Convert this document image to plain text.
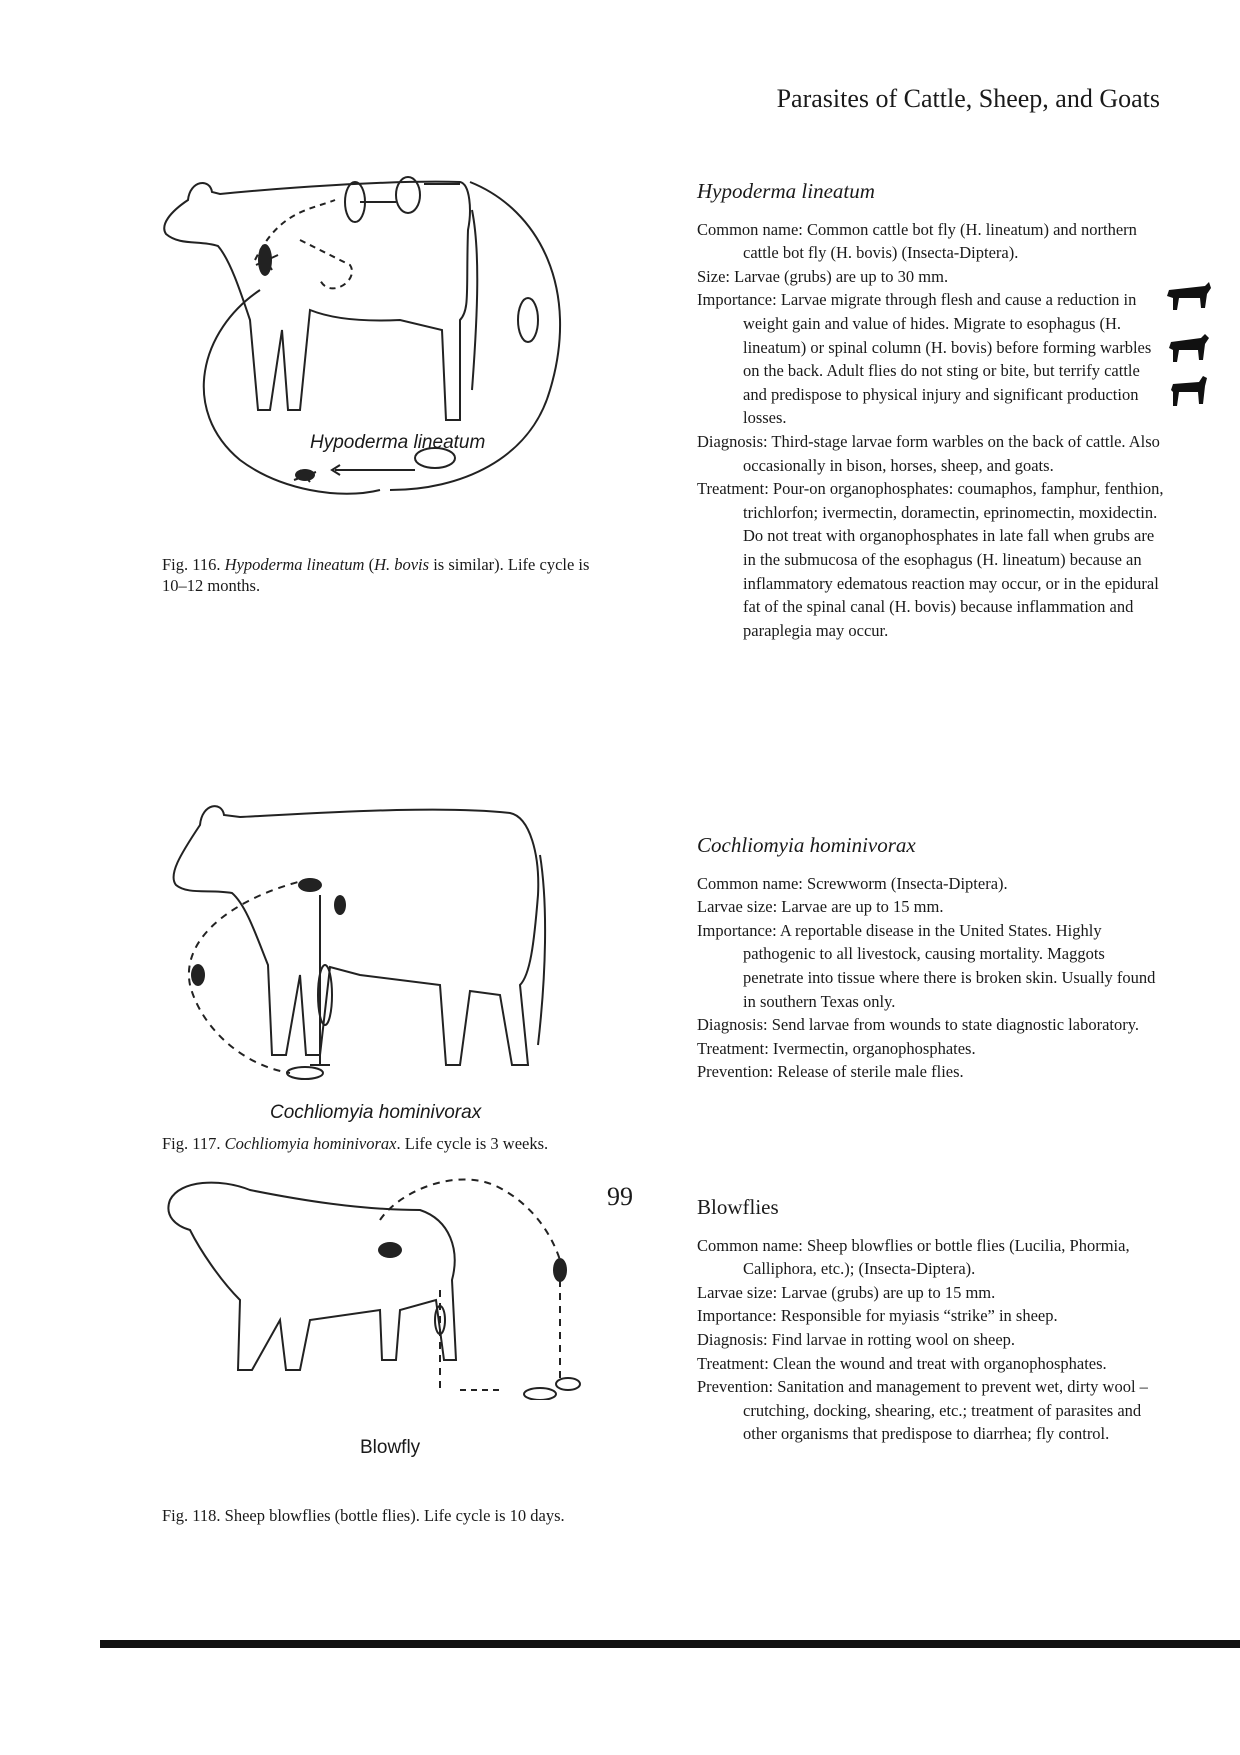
Parasites of Cattle, Sheep, and Goats
Hypoderma lineatum
Fig. 116. Hypoderma lineatum (H. bovis is similar). Life cycle is 10–12 months.
Cochliomyia hominivorax
Fig. 117. Cochliomyia hominivorax. Life cycle is 3 weeks.
Blowfly
Fig. 118. Sheep blowflies (bottle flies). Life cycle is 10 days.
Hypoderma lineatum

Common name: Common cattle bot fly (H. lineatum) and northern cattle bot fly (H. bovis) (Insecta-Diptera).

Size: Larvae (grubs) are up to 30 mm.

Importance: Larvae migrate through flesh and cause a reduction in weight gain and value of hides. Migrate to esophagus (H. lineatum) or spinal column (H. bovis) before forming warbles on the back. Adult flies do not sting or bite, but terrify cattle and predispose to physical injury and significant production losses.

Diagnosis: Third-stage larvae form warbles on the back of cattle. Also occasionally in bison, horses, sheep, and goats.

Treatment: Pour-on organophosphates: coumaphos, famphur, fenthion, trichlorfon; ivermectin, doramectin, eprinomectin, moxidectin. Do not treat with organophosphates in late fall when grubs are in the submucosa of the esophagus (H. lineatum) because an inflammatory edematous reaction may occur, or in the epidural fat of the spinal canal (H. bovis) because inflammation and paraplegia may occur.

Cochliomyia hominivorax

Common name: Screwworm (Insecta-Diptera).

Larvae size: Larvae are up to 15 mm.

Importance: A reportable disease in the United States. Highly pathogenic to all livestock, causing mortality. Maggots penetrate into tissue where there is broken skin. Usually found in southern Texas only.

Diagnosis: Send larvae from wounds to state diagnostic laboratory.

Treatment: Ivermectin, organophosphates.

Prevention: Release of sterile male flies.

Blowflies

Common name: Sheep blowflies or bottle flies (Lucilia, Phormia, Calliphora, etc.); (Insecta-Diptera).

Larvae size: Larvae (grubs) are up to 15 mm.

Importance: Responsible for myiasis “strike” in sheep.

Diagnosis: Find larvae in rotting wool on sheep.

Treatment: Clean the wound and treat with organophosphates.

Prevention: Sanitation and management to prevent wet, dirty wool – crutching, docking, shearing, etc.; treatment of parasites and other organisms that predispose to diarrhea; fly control.

99
